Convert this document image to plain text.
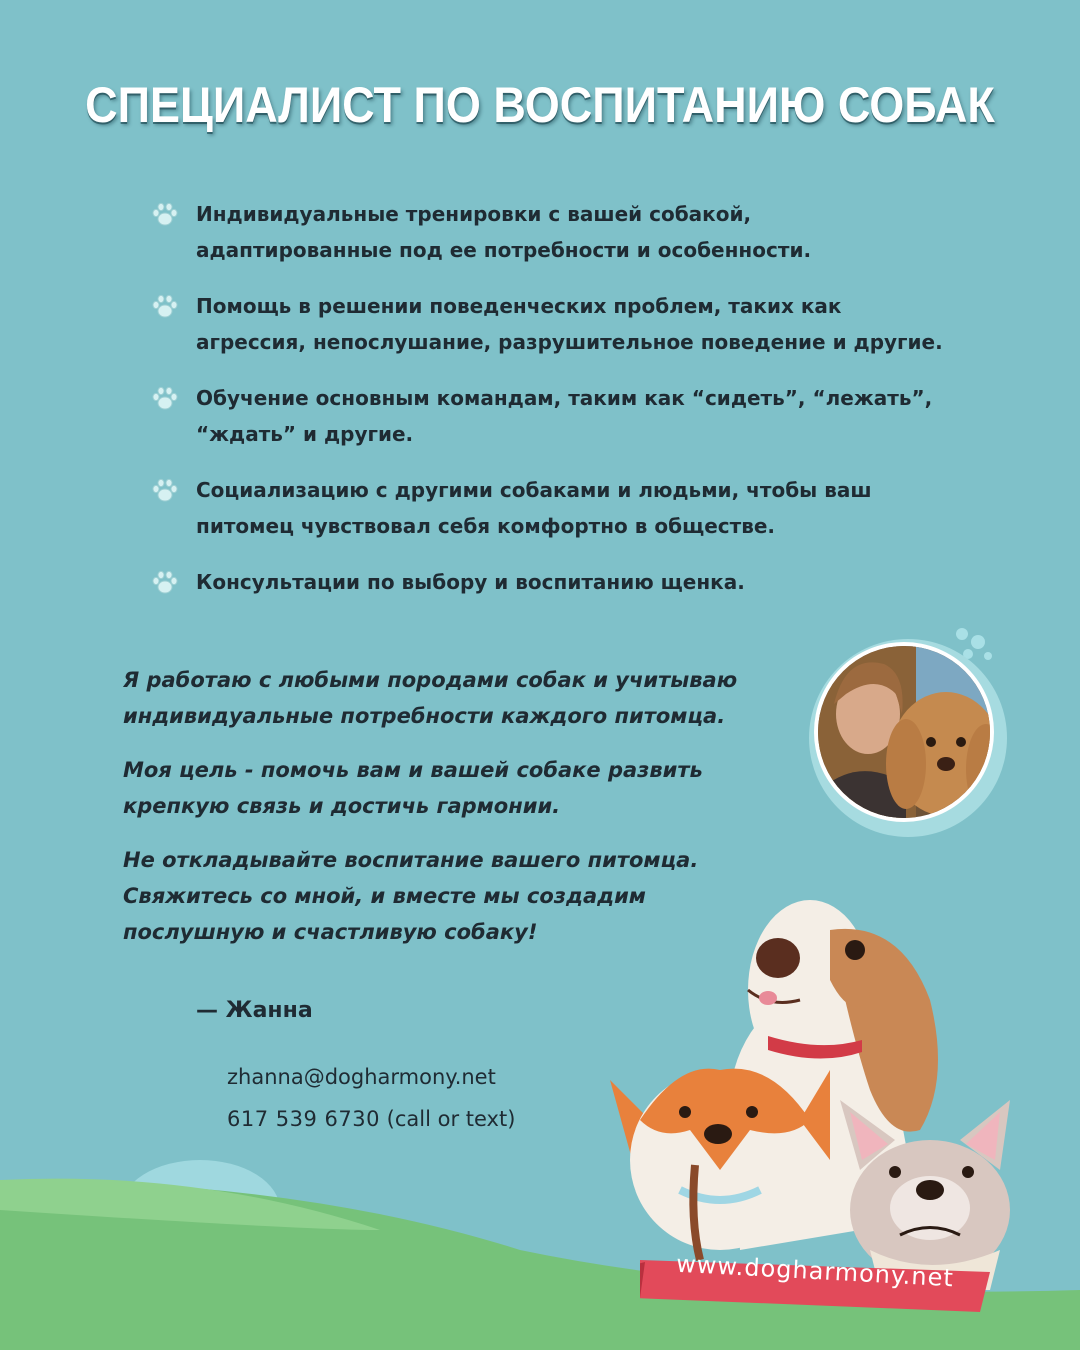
СПЕЦИАЛИСТ ПО ВОСПИТАНИЮ СОБАК
Индивидуальные тренировки с вашей собакой,
адаптированные под ее потребности и особенности.
Помощь в решении поведенческих проблем, таких как
агрессия, непослушание, разрушительное поведение и другие.
Обучение основным командам, таким как “сидеть”, “лежать”,
“ждать” и другие.
Социализацию с другими собаками и людьми, чтобы ваш
питомец чувствовал себя комфортно в обществе.
Консультации по выбору и воспитанию щенка.

Я работаю с любыми породами собак и учитываю
индивидуальные потребности каждого питомца.

Моя цель - помочь вам и вашей собаке развить
крепкую связь и достичь гармонии.

Не откладывайте воспитание вашего питомца.
Свяжитесь со мной, и вместе мы создадим
послушную и счастливую собаку!

— Жанна
zhanna@dogharmony.net
617 539 6730 (call or text)
www.dogharmony.net
